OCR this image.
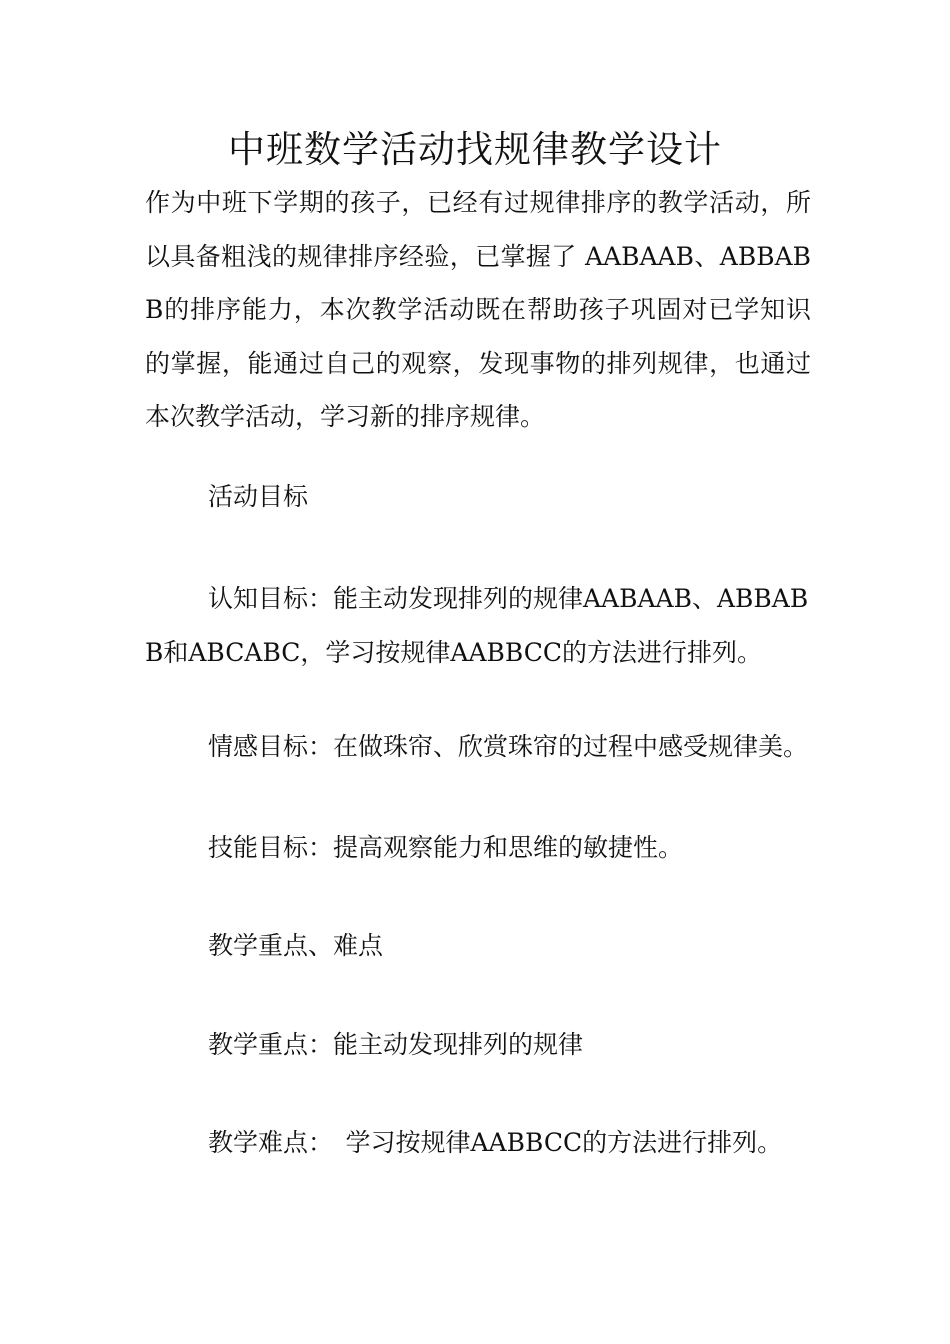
中班数学活动找规律教学设计

作为中班下学期的孩子，已经有过规律排序的教学活动，所以具备粗浅的规律排序经验，已掌握了 AABAAB、ABBABB的排序能力，本次教学活动既在帮助孩子巩固对已学知识的掌握，能通过自己的观察，发现事物的排列规律，也通过本次教学活动，学习新的排序规律。

活动目标

认知目标：能主动发现排列的规律AABAAB、ABBABB和ABCABC，学习按规律AABBCC的方法进行排列。

情感目标：在做珠帘、欣赏珠帘的过程中感受规律美。

技能目标：提高观察能力和思维的敏捷性。

教学重点、难点

教学重点：能主动发现排列的规律

教学难点：　学习按规律AABBCC的方法进行排列。
